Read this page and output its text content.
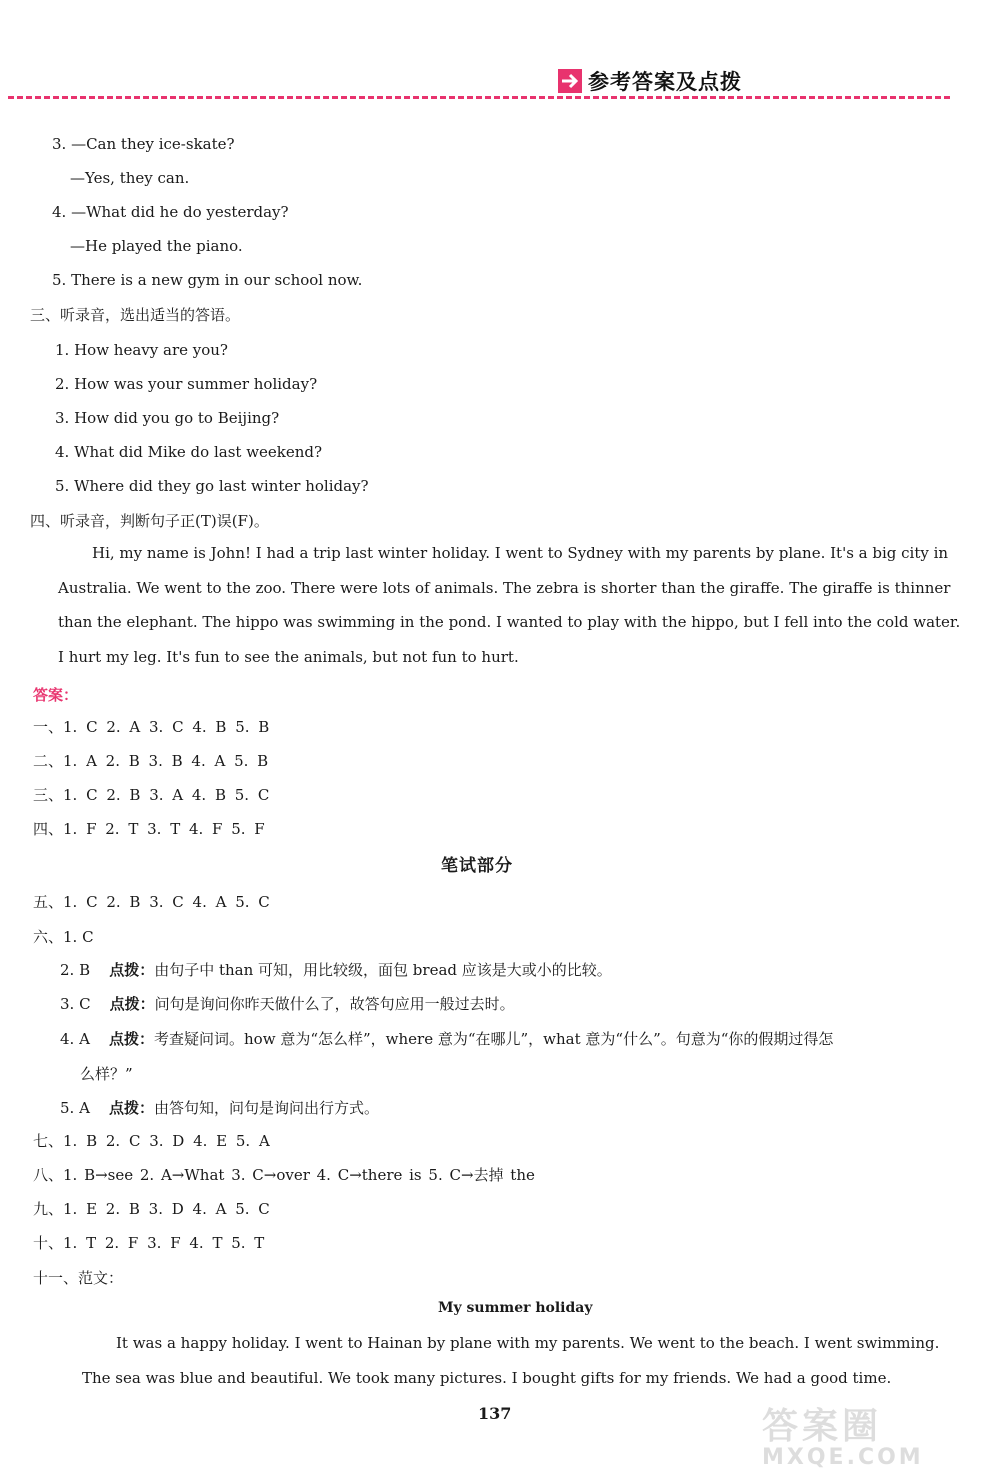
参考答案及点拨
3. —Can they ice-skate?
—Yes, they can.
4. —What did he do yesterday?
—He played the piano.
5. There is a new gym in our school now.
三、听录音，选出适当的答语。
1. How heavy are you?
2. How was your summer holiday?
3. How did you go to Beijing?
4. What did Mike do last weekend?
5. Where did they go last winter holiday?
四、听录音，判断句子正(T)误(F)。
Hi, my name is John! I had a trip last winter holiday. I went to Sydney with my parents by plane. It's a big city in
Australia. We went to the zoo. There were lots of animals. The zebra is shorter than the giraffe. The giraffe is thinner
than the elephant. The hippo was swimming in the pond. I wanted to play with the hippo, but I fell into the cold water.
I hurt my leg. It's fun to see the animals, but not fun to hurt.
答案：
一、1. C 2. A 3. C 4. B 5. B
二、1. A 2. B 3. B 4. A 5. B
三、1. C 2. B 3. A 4. B 5. C
四、1. F 2. T 3. T 4. F 5. F
笔试部分
五、1. C 2. B 3. C 4. A 5. C
六、1. C
2. B 点拨：由句子中 than 可知，用比较级，面包 bread 应该是大或小的比较。
3. C 点拨：问句是询问你昨天做什么了，故答句应用一般过去时。
4. A 点拨：考查疑问词。how 意为“怎么样”，where 意为“在哪儿”，what 意为“什么”。句意为“你的假期过得怎
么样？”
5. A 点拨：由答句知，问句是询问出行方式。
七、1. B 2. C 3. D 4. E 5. A
八、1. B→see 2. A→What 3. C→over 4. C→there is 5. C→去掉 the
九、1. E 2. B 3. D 4. A 5. C
十、1. T 2. F 3. F 4. T 5. T
十一、范文：
My summer holiday
It was a happy holiday. I went to Hainan by plane with my parents. We went to the beach. I went swimming.
The sea was blue and beautiful. We took many pictures. I bought gifts for my friends. We had a good time.
137	答案圈
MXQE.COM
